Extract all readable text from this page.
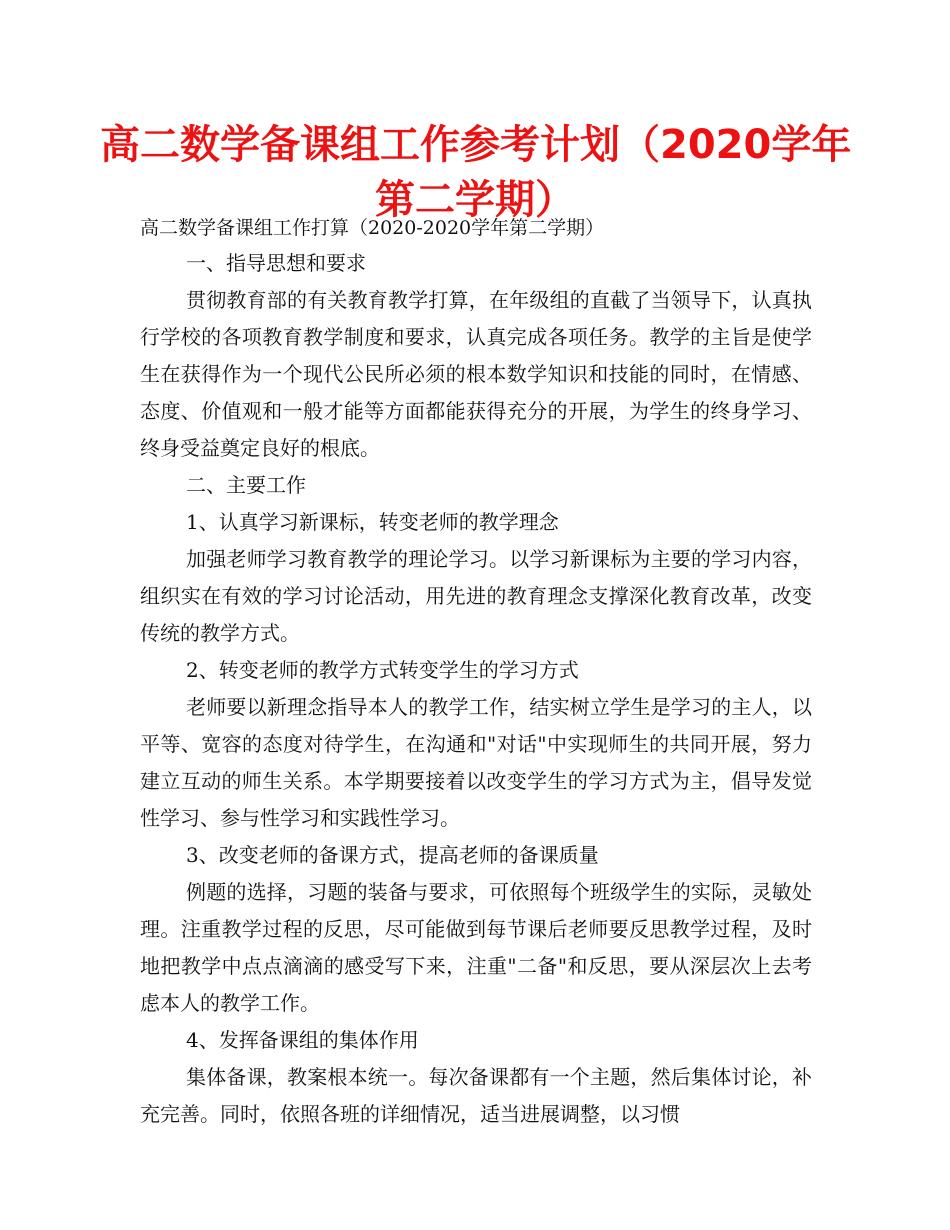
高二数学备课组工作参考计划（2020学年
第二学期）

高二数学备课组工作打算（2020-2020学年第二学期）

一、指导思想和要求

贯彻教育部的有关教育教学打算，在年级组的直截了当领导下，认真执行学校的各项教育教学制度和要求，认真完成各项任务。教学的主旨是使学生在获得作为一个现代公民所必须的根本数学知识和技能的同时，在情感、态度、价值观和一般才能等方面都能获得充分的开展，为学生的终身学习、终身受益奠定良好的根底。

二、主要工作

1、认真学习新课标，转变老师的教学理念

加强老师学习教育教学的理论学习。以学习新课标为主要的学习内容，组织实在有效的学习讨论活动，用先进的教育理念支撑深化教育改革，改变传统的教学方式。

2、转变老师的教学方式转变学生的学习方式

老师要以新理念指导本人的教学工作，结实树立学生是学习的主人，以平等、宽容的态度对待学生，在沟通和"对话"中实现师生的共同开展，努力建立互动的师生关系。本学期要接着以改变学生的学习方式为主，倡导发觉性学习、参与性学习和实践性学习。

3、改变老师的备课方式，提高老师的备课质量

例题的选择，习题的装备与要求，可依照每个班级学生的实际，灵敏处理。注重教学过程的反思，尽可能做到每节课后老师要反思教学过程，及时地把教学中点点滴滴的感受写下来，注重"二备"和反思，要从深层次上去考虑本人的教学工作。

4、发挥备课组的集体作用

集体备课，教案根本统一。每次备课都有一个主题，然后集体讨论，补充完善。同时，依照各班的详细情况，适当进展调整，以习惯
